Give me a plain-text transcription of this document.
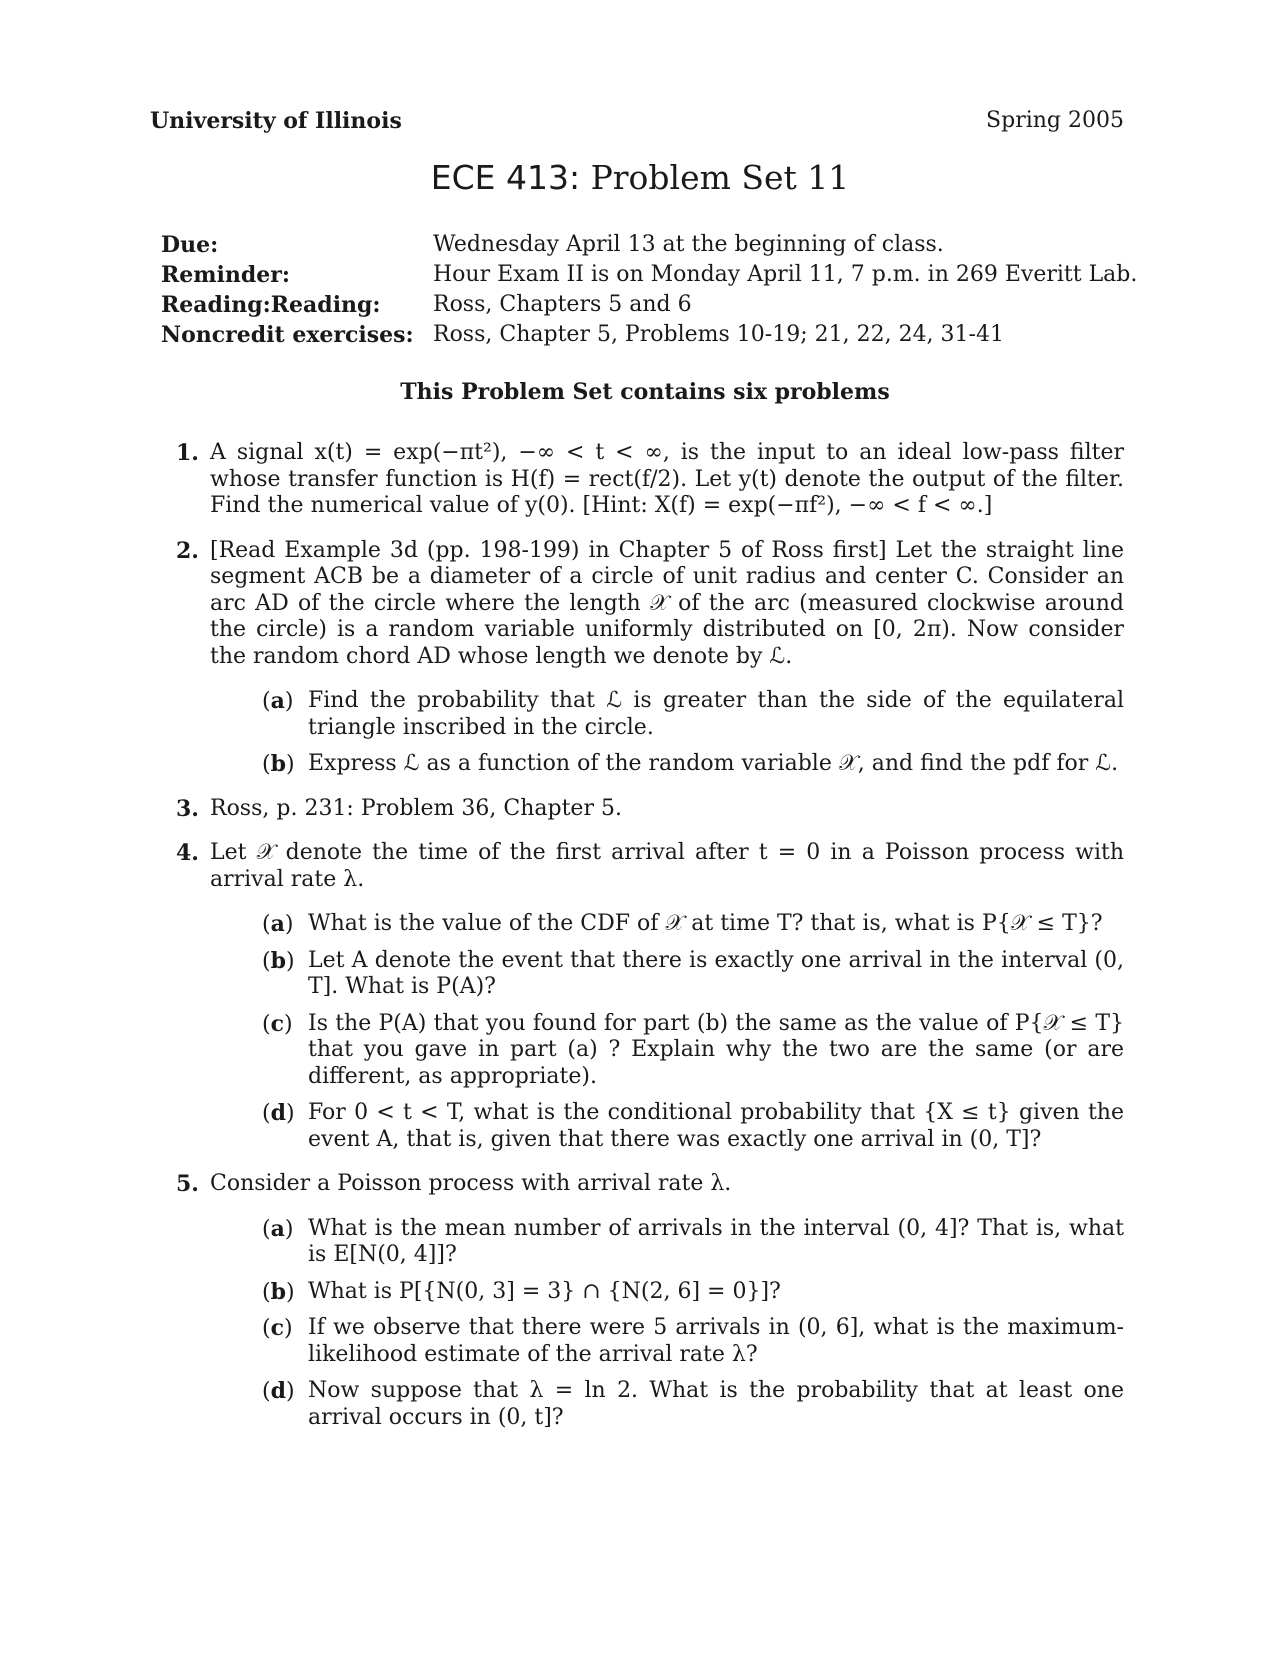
University of Illinois	Spring 2005
ECE 413: Problem Set 11
Due:	Wednesday April 13 at the beginning of class.
Reminder:	Hour Exam II is on Monday April 11, 7 p.m. in 269 Everitt Lab.
Reading:Reading: Ross, Chapters 5 and 6
Noncredit exercises: Ross, Chapter 5, Problems 10-19; 21, 22, 24, 31-41
This Problem Set contains six problems
1. A signal x(t) = exp(−πt²), −∞ < t < ∞, is the input to an ideal low-pass filter whose transfer function is H(f) = rect(f/2). Let y(t) denote the output of the filter. Find the numerical value of y(0). [Hint: X(f) = exp(−πf²), −∞ < f < ∞.]
2. [Read Example 3d (pp. 198-199) in Chapter 5 of Ross first] Let the straight line segment ACB be a diameter of a circle of unit radius and center C. Consider an arc AD of the circle where the length 𝒳 of the arc (measured clockwise around the circle) is a random variable uniformly distributed on [0, 2π). Now consider the random chord AD whose length we denote by ℒ.
(a) Find the probability that ℒ is greater than the side of the equilateral triangle inscribed in the circle.
(b) Express ℒ as a function of the random variable 𝒳, and find the pdf for ℒ.
3. Ross, p. 231: Problem 36, Chapter 5.
4. Let 𝒳 denote the time of the first arrival after t = 0 in a Poisson process with arrival rate λ.
(a) What is the value of the CDF of 𝒳 at time T? that is, what is P{𝒳 ≤ T}?
(b) Let A denote the event that there is exactly one arrival in the interval (0, T]. What is P(A)?
(c) Is the P(A) that you found for part (b) the same as the value of P{𝒳 ≤ T} that you gave in part (a) ? Explain why the two are the same (or are different, as appropriate).
(d) For 0 < t < T, what is the conditional probability that {X ≤ t} given the event A, that is, given that there was exactly one arrival in (0, T]?
5. Consider a Poisson process with arrival rate λ.
(a) What is the mean number of arrivals in the interval (0, 4]? That is, what is E[N(0, 4]]?
(b) What is P[{N(0, 3] = 3} ∩ {N(2, 6] = 0}]?
(c) If we observe that there were 5 arrivals in (0, 6], what is the maximum-likelihood estimate of the arrival rate λ?
(d) Now suppose that λ = ln 2. What is the probability that at least one arrival occurs in (0, t]?
